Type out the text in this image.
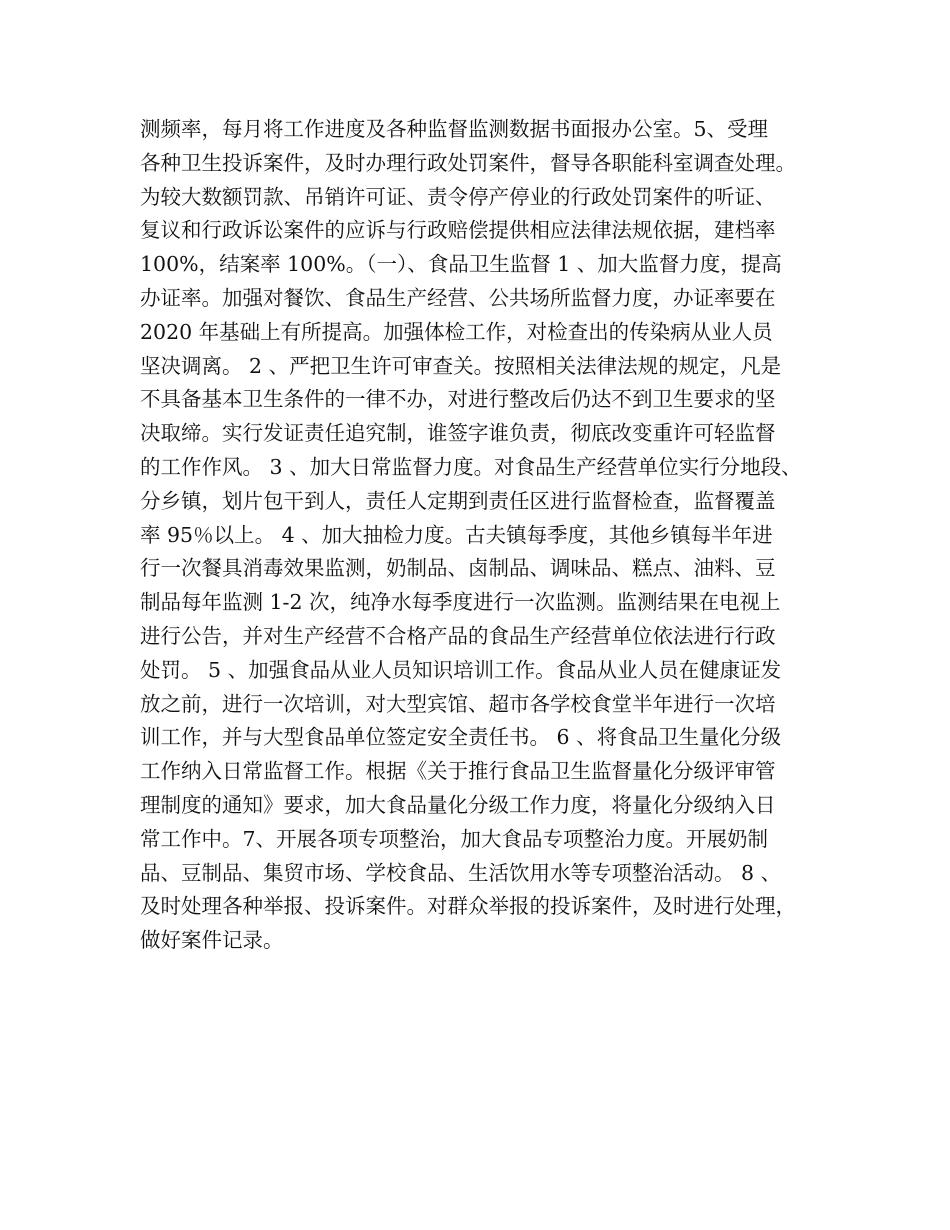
测频率，每月将工作进度及各种监督监测数据书面报办公室。5、受理
各种卫生投诉案件，及时办理行政处罚案件，督导各职能科室调查处理。
为较大数额罚款、吊销许可证、责令停产停业的行政处罚案件的听证、
复议和行政诉讼案件的应诉与行政赔偿提供相应法律法规依据，建档率
100%，结案率 100%。（一）、食品卫生监督 1 、加大监督力度，提高
办证率。加强对餐饮、食品生产经营、公共场所监督力度，办证率要在
2020 年基础上有所提高。加强体检工作，对检查出的传染病从业人员
坚决调离。 2 、严把卫生许可审查关。按照相关法律法规的规定，凡是
不具备基本卫生条件的一律不办，对进行整改后仍达不到卫生要求的坚
决取缔。实行发证责任追究制，谁签字谁负责，彻底改变重许可轻监督
的工作作风。 3 、加大日常监督力度。对食品生产经营单位实行分地段、
分乡镇，划片包干到人，责任人定期到责任区进行监督检查，监督覆盖
率 95％以上。 4 、加大抽检力度。古夫镇每季度，其他乡镇每半年进
行一次餐具消毒效果监测，奶制品、卤制品、调味品、糕点、油料、豆
制品每年监测 1-2 次，纯净水每季度进行一次监测。监测结果在电视上
进行公告，并对生产经营不合格产品的食品生产经营单位依法进行行政
处罚。 5 、加强食品从业人员知识培训工作。食品从业人员在健康证发
放之前，进行一次培训，对大型宾馆、超市各学校食堂半年进行一次培
训工作，并与大型食品单位签定安全责任书。 6 、将食品卫生量化分级
工作纳入日常监督工作。根据《关于推行食品卫生监督量化分级评审管
理制度的通知》要求，加大食品量化分级工作力度，将量化分级纳入日
常工作中。7、开展各项专项整治，加大食品专项整治力度。开展奶制
品、豆制品、集贸市场、学校食品、生活饮用水等专项整治活动。 8 、
及时处理各种举报、投诉案件。对群众举报的投诉案件，及时进行处理，
做好案件记录。
